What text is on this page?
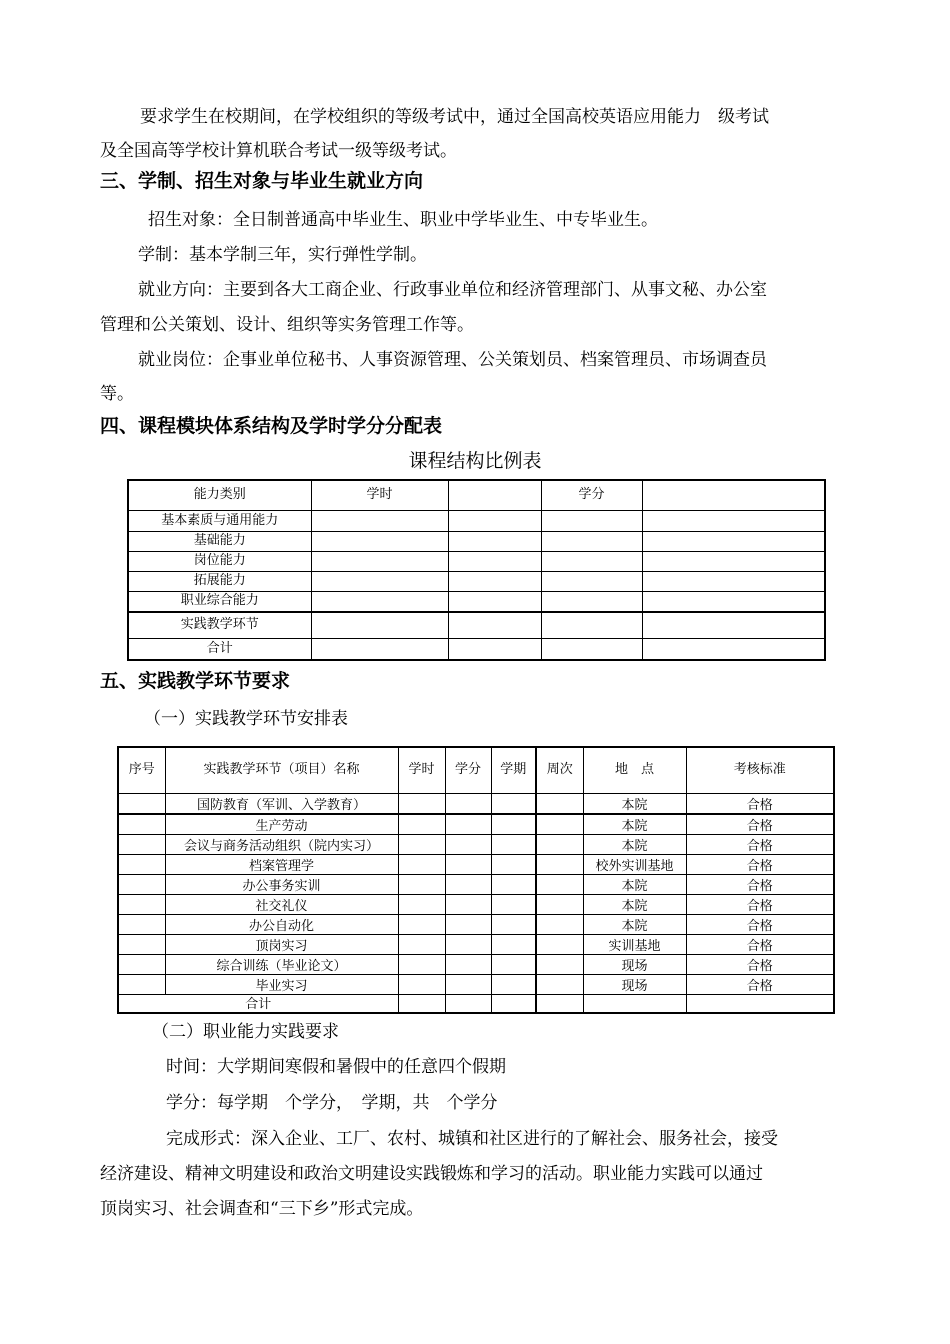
要求学生在校期间，在学校组织的等级考试中，通过全国高校英语应用能力　级考试

及全国高等学校计算机联合考试一级等级考试。

三、学制、招生对象与毕业生就业方向

招生对象：全日制普通高中毕业生、职业中学毕业生、中专毕业生。

学制：基本学制三年，实行弹性学制。

就业方向：主要到各大工商企业、行政事业单位和经济管理部门、从事文秘、办公室

管理和公关策划、设计、组织等实务管理工作等。

就业岗位：企事业单位秘书、人事资源管理、公关策划员、档案管理员、市场调查员

等。

四、课程模块体系结构及学时学分分配表

课程结构比例表

能力类别	学时		学分	
基本素质与通用能力				
基础能力				
岗位能力				
拓展能力				
职业综合能力				
实践教学环节				
合计				
五、实践教学环节要求

（一）实践教学环节安排表

序号	实践教学环节（项目）名称	学时	学分	学期	周次	地　点	考核标准
	国防教育（军训、入学教育）					本院	合格
	生产劳动					本院	合格
	会议与商务活动组织（院内实习）					本院	合格
	档案管理学					校外实训基地	合格
	办公事务实训					本院	合格
	社交礼仪					本院	合格
	办公自动化					本院	合格
	顶岗实习					实训基地	合格
	综合训练（毕业论文）					现场	合格
	毕业实习					现场	合格
合计							

（二）职业能力实践要求

时间：大学期间寒假和暑假中的任意四个假期

学分：每学期　个学分，　学期，共　个学分

完成形式：深入企业、工厂、农村、城镇和社区进行的了解社会、服务社会，接受

经济建设、精神文明建设和政治文明建设实践锻炼和学习的活动。职业能力实践可以通过

顶岗实习、社会调查和“三下乡”形式完成。
